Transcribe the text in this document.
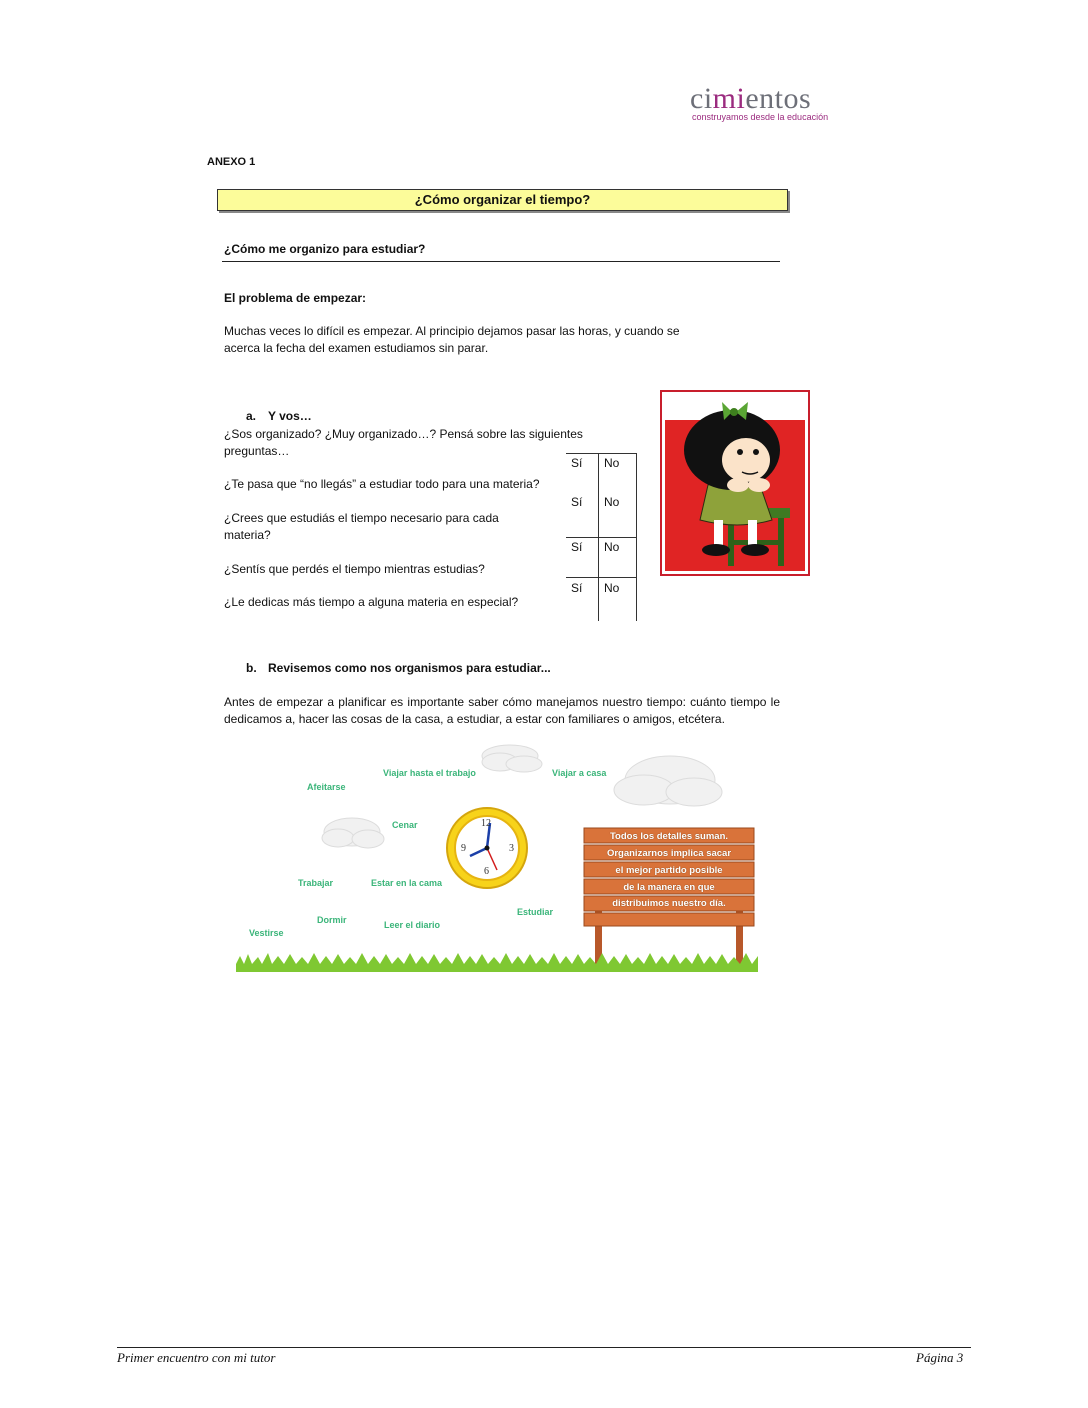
cimientos
construyamos desde la educación
ANEXO 1
¿Cómo organizar el tiempo?
¿Cómo me organizo para estudiar?
El problema de empezar:
Muchas veces lo difícil es empezar. Al principio dejamos pasar las horas, y cuando se
acerca la fecha del examen estudiamos sin parar.
a. Y vos…
¿Sos organizado? ¿Muy organizado…? Pensá sobre las siguientes
preguntas…
¿Te pasa que “no llegás” a estudiar todo para una materia?
¿Crees que estudiás el tiempo necesario para cada
materia?
¿Sentís que perdés el tiempo mientras estudias?
¿Le dedicas más tiempo a alguna materia en especial?
Sí No
Sí No
Sí No
Sí No
b. Revisemos como nos organismos para estudiar...
Antes de empezar a planificar es importante saber cómo manejamos nuestro tiempo: cuánto tiempo le dedicamos a, hacer las cosas de la casa, a estudiar, a estar con familiares o amigos, etcétera.
12
3
6
9
Viajar hasta el trabajo	Viajar a casa
Afeitarse
Cenar
Trabajar	Estar en la cama
Dormir	Leer el diario
Estudiar
Vestirse
Todos los detalles suman.
Organizarnos implica sacar
el mejor partido posible
de la manera en que
distribuimos nuestro día.
Primer encuentro con mi tutor	Página 3
